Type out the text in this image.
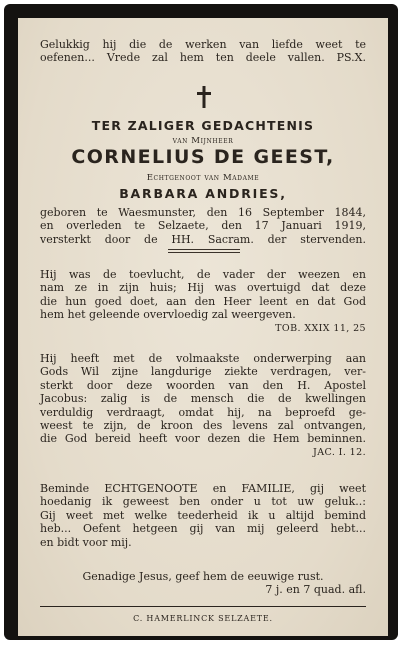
Gelukkig hij die de werken van liefde weet te
oefenen... Vrede zal hem ten deele vallen. PS.X.
TER ZALIGER GEDACHTENIS
van Mijnheer
CORNELIUS DE GEEST,
Echtgenoot van Madame
BARBARA ANDRIES,
geboren te Waesmunster, den 16 September 1844,
en overleden te Selzaete, den 17 Januari 1919,
versterkt door de HH. Sacram. der stervenden.
Hij was de toevlucht, de vader der weezen en
nam ze in zijn huis; Hij was overtuigd dat deze
die hun goed doet, aan den Heer leent en dat God
hem het geleende overvloedig zal weergeven.
TOB. XXIX 11, 25
Hij heeft met de volmaakste onderwerping aan
Gods Wil zijne langdurige ziekte verdragen, ver-
sterkt door deze woorden van den H. Apostel
Jacobus: zalig is de mensch die de kwellingen
verduldig verdraagt, omdat hij, na beproefd ge-
weest te zijn, de kroon des levens zal ontvangen,
die God bereid heeft voor dezen die Hem beminnen.
JAC. I. 12.
Beminde ECHTGENOOTE en FAMILIE, gij weet
hoedanig ik geweest ben onder u tot uw geluk..:
Gij weet met welke teederheid ik u altijd bemind
heb... Oefent hetgeen gij van mij geleerd hebt...
en bidt voor mij.
Genadige Jesus, geef hem de eeuwige rust.
7 j. en 7 quad. afl.
C. HAMERLINCK SELZAETE.
